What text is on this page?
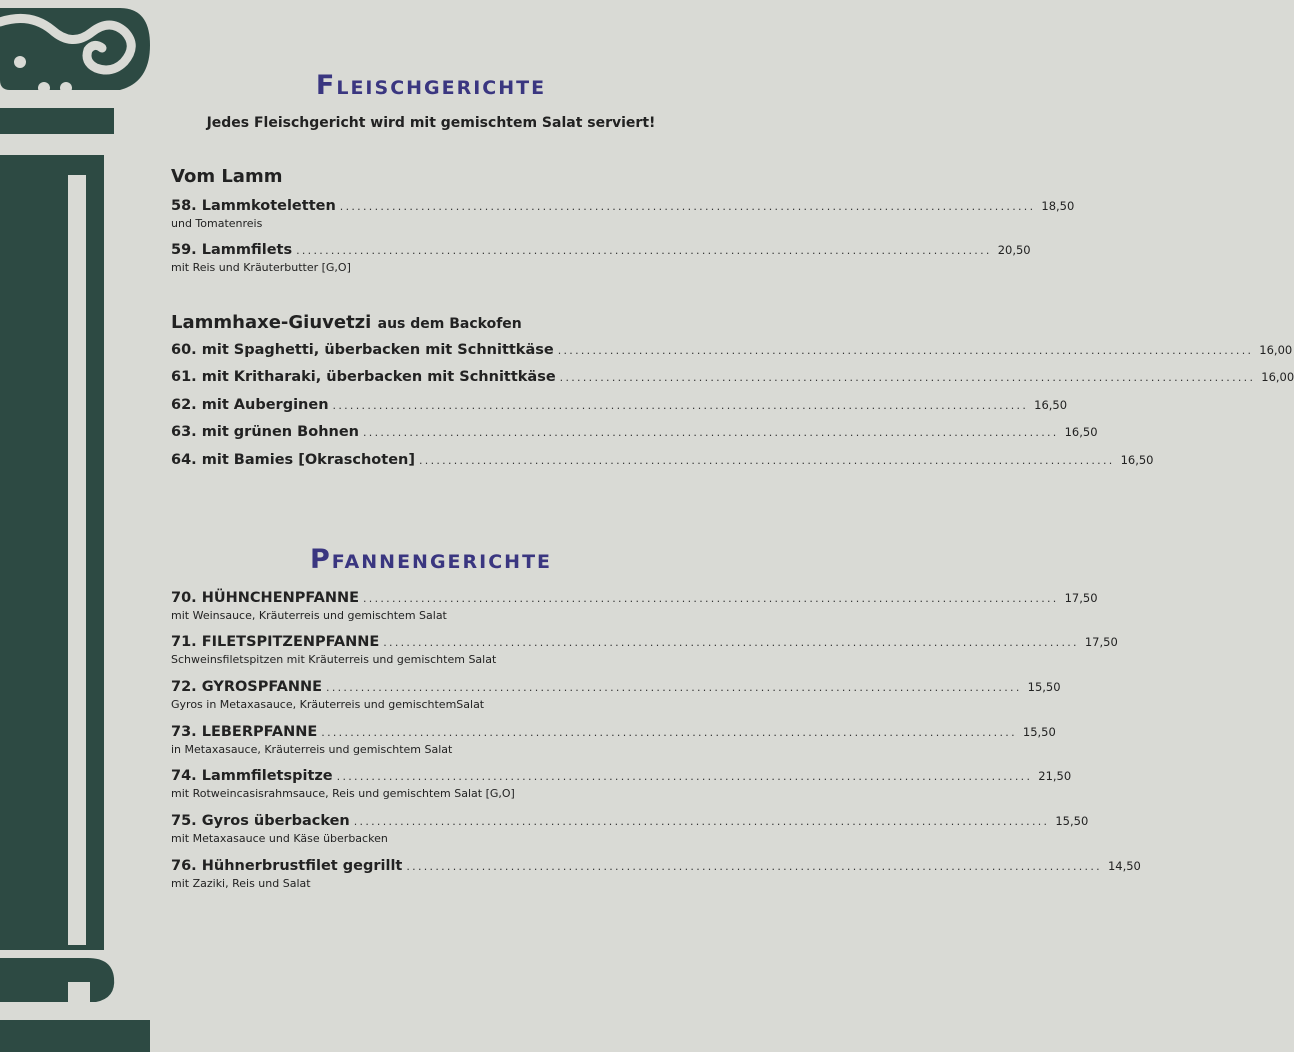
Fleischgerichte
Jedes Fleischgericht wird mit gemischtem Salat serviert!
Vom Lamm
58. Lammkoteletten ........................................................................................................................ 18,50
und Tomatenreis
59. Lammfilets ........................................................................................................................ 20,50
mit Reis und Kräuterbutter [G,O]
Lammhaxe-Giuvetzi aus dem Backofen
60. mit Spaghetti, überbacken mit Schnittkäse ........................................................................................................................ 16,00
61. mit Kritharaki, überbacken mit Schnittkäse ........................................................................................................................ 16,00
62. mit Auberginen ........................................................................................................................ 16,50
63. mit grünen Bohnen ........................................................................................................................ 16,50
64. mit Bamies [Okraschoten] ........................................................................................................................ 16,50
Pfannengerichte
70. HÜHNCHENPFANNE ........................................................................................................................ 17,50
mit Weinsauce, Kräuterreis und gemischtem Salat
71. FILETSPITZENPFANNE ........................................................................................................................ 17,50
Schweinsfiletspitzen mit Kräuterreis und gemischtem Salat
72. GYROSPFANNE ........................................................................................................................ 15,50
Gyros in Metaxasauce, Kräuterreis und gemischtemSalat
73. LEBERPFANNE ........................................................................................................................ 15,50
in Metaxasauce, Kräuterreis und gemischtem Salat
74. Lammfiletspitze ........................................................................................................................ 21,50
mit Rotweincasisrahmsauce, Reis und gemischtem Salat [G,O]
75. Gyros überbacken ........................................................................................................................ 15,50
mit Metaxasauce und Käse überbacken
76. Hühnerbrustfilet gegrillt ........................................................................................................................ 14,50
mit Zaziki, Reis und Salat
